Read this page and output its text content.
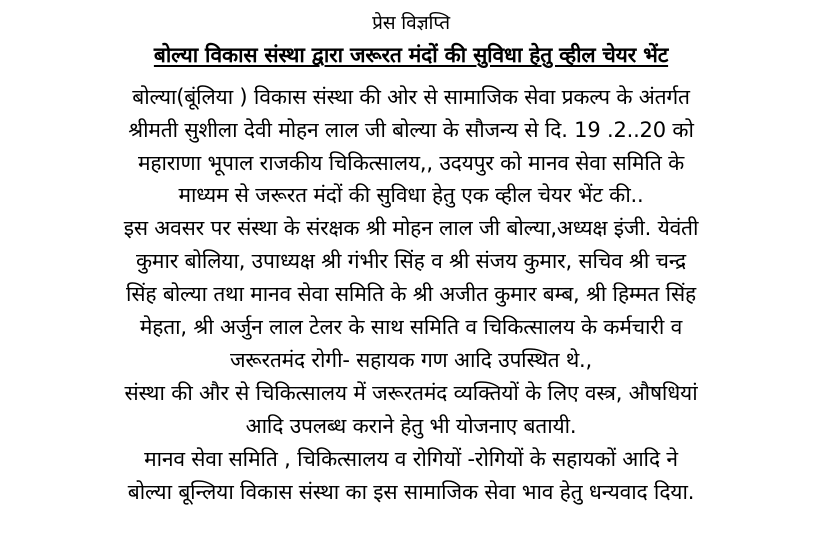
प्रेस विज्ञप्ति
बोल्या विकास संस्था द्वारा जरूरत मंदों की सुविधा हेतु व्हील चेयर भेंट
बोल्या(बूंलिया ) विकास संस्था की ओर से सामाजिक सेवा प्रकल्प के अंतर्गत
श्रीमती सुशीला देवी मोहन लाल जी बोल्या के सौजन्य से दि. 19 .2..20 को
महाराणा भूपाल राजकीय चिकित्सालय,, उदयपुर को मानव सेवा समिति के
माध्यम से जरूरत मंदों की सुविधा हेतु एक व्हील चेयर भेंट की..
इस अवसर पर संस्था के संरक्षक श्री मोहन लाल जी बोल्या,अध्यक्ष इंजी. येवंती
कुमार बोलिया, उपाध्यक्ष श्री गंभीर सिंह व श्री संजय कुमार, सचिव श्री चन्द्र
सिंह बोल्या तथा मानव सेवा समिति के श्री अजीत कुमार बम्ब, श्री हिम्मत सिंह
मेहता, श्री अर्जुन लाल टेलर के साथ समिति व चिकित्सालय के कर्मचारी व
जरूरतमंद रोगी- सहायक गण आदि उपस्थित थे.,
संस्था की और से चिकित्सालय में जरूरतमंद व्यक्तियों के लिए वस्त्र, औषधियां
आदि उपलब्ध कराने हेतु भी योजनाए बतायी.
मानव सेवा समिति , चिकित्सालय व रोगियों -रोगियों के सहायकों आदि ने
बोल्या बून्लिया विकास संस्था का इस सामाजिक सेवा भाव हेतु धन्यवाद दिया.
